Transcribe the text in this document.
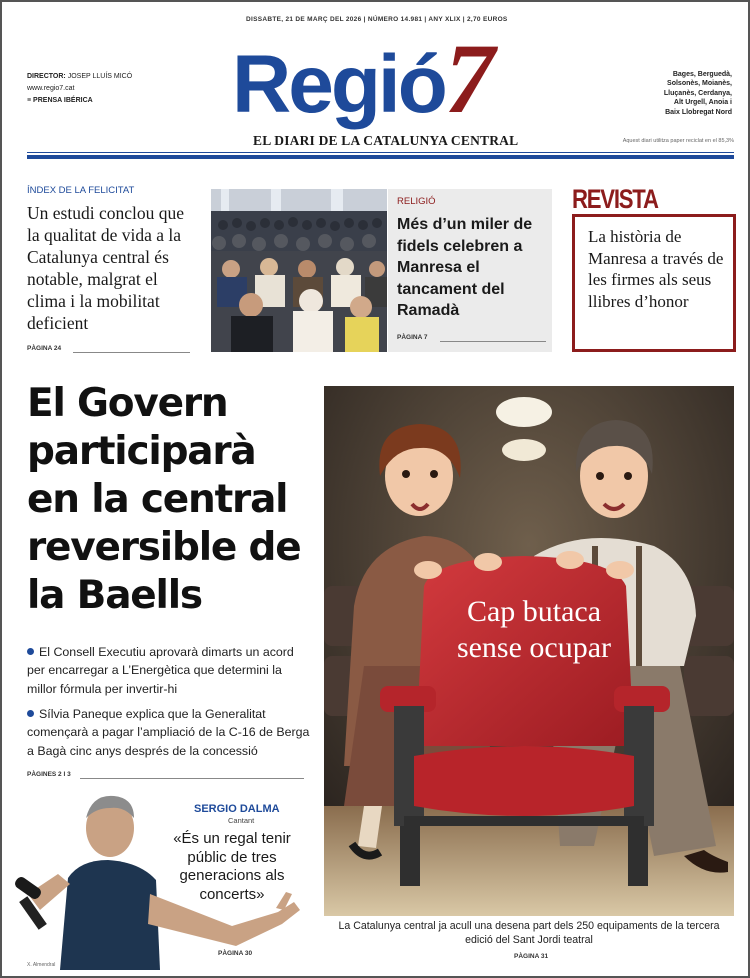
DISSABTE, 21 DE MARÇ DEL 2026 | NÚMERO 14.981 | ANY XLIX | 2,70 EUROS
DIRECTOR: JOSEP LLUÍS MICÓ
www.regio7.cat
≡ PRENSA IBÉRICA	Regió7
EL DIARI DE LA CATALUNYA CENTRAL
Bages, Berguedà,
Solsonès, Moianès,
Lluçanès, Cerdanya,
Alt Urgell, Anoia i
Baix Llobregat Nord
Aquest diari utilitza paper reciclat en el 85,3%
ÍNDEX DE LA FELICITAT
Un estudi conclou que la qualitat de vida a la Catalunya central és notable, malgrat el clima i la mobilitat deficient
PÀGINA 24
RELIGIÓ
Més d’un miler de fidels celebren a Manresa el tancament del Ramadà
PÀGINA 7
REVISTA
La història de Manresa a través de les firmes als seus llibres d’honor
El Govern participarà en la central reversible de la Baells
El Consell Executiu aprovarà dimarts un acord per encarregar a L’Energètica que determini la millor fórmula per invertir-hi
Sílvia Paneque explica que la Generalitat començarà a pagar l’ampliació de la C-16 de Berga a Bagà cinc anys després de la concessió
PÀGINES 2 I 3
SERGIO DALMA
Cantant
«És un regal tenir públic de tres generacions als concerts»
PÀGINA 30
X. Almendral
Cap butaca sense ocupar
La Catalunya central ja acull una desena part dels 250 equipaments de la tercera edició del Sant Jordi teatral
PÀGINA 31
